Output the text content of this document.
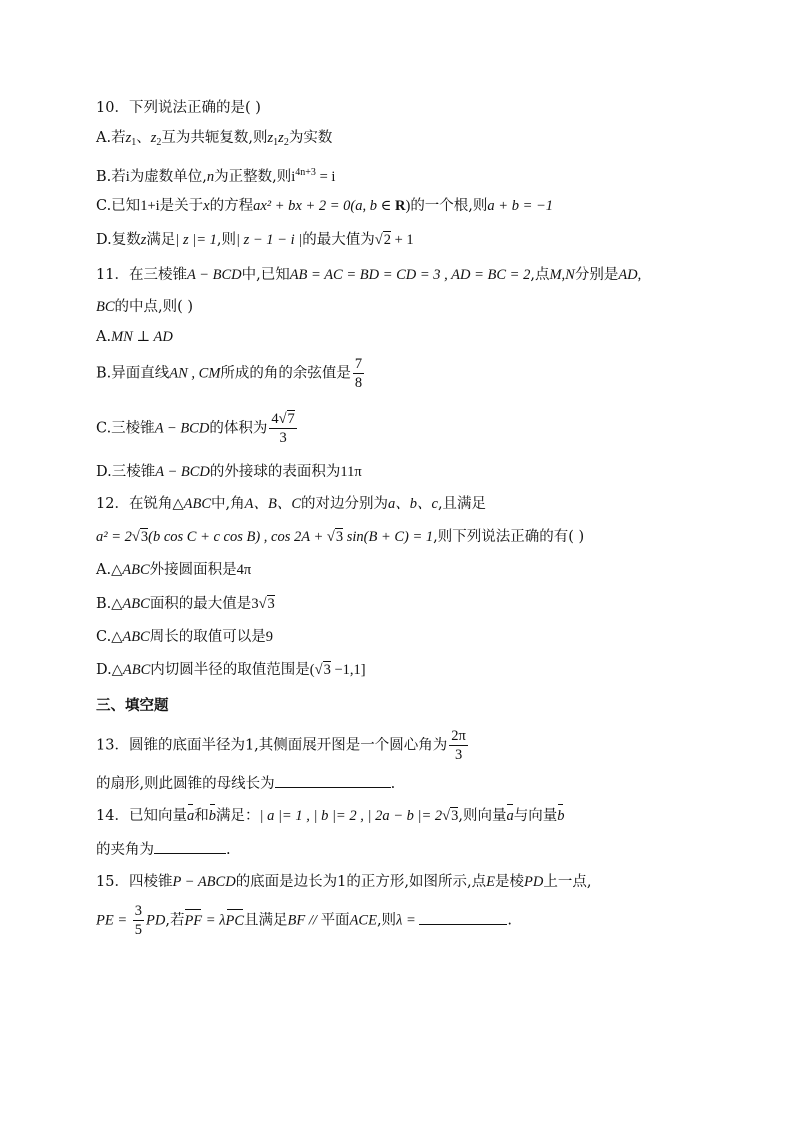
10．下列说法正确的是( )
A.若$z_1$、$z_2$互为共轭复数,则$z_1z_2$为实数
B.若i为虚数单位,n为正整数,则$i^{4n+3} = i$
C.已知1+i是关于x的方程ax² + bx + 2 = 0(a, b ∈ R)的一个根,则a + b = −1
D.复数z满足| z |= 1,则| z − 1 − i |的最大值为√2 + 1
11．在三棱锥A − BCD中,已知AB = AC = BD = CD = 3 , AD = BC = 2,点M,N分别是AD,
BC的中点,则( )
A.MN ⊥ AD
B.异面直线AN , CM所成的角的余弦值是 $\frac{7}{8}$
C.三棱锥A − BCD的体积为 $\frac{4√7}{3}$
D.三棱锥A − BCD的外接球的表面积为11π
12．在锐角△ABC中,角A、B、C的对边分别为a、b、c,且满足
a² = 2√3(b cos C + c cos B) , cos 2A + √3 sin(B + C) = 1,则下列说法正确的有( )
A.△ABC外接圆面积是4π
B.△ABC面积的最大值是3√3
C.△ABC周长的取值可以是9
D.△ABC内切圆半径的取值范围是(√3 −1,1]
三、填空题
13．圆锥的底面半径为1,其侧面展开图是一个圆心角为 $\frac{2\pi}{3}$
的扇形,则此圆锥的母线长为	.
14．已知向量a和b满足：| a |= 1 , | b |= 2 , | 2a − b |= 2√3,则向量a与向量b
的夹角为	.
15．四棱锥P − ABCD的底面是边长为1的正方形,如图所示,点E是棱PD上一点,
PE = $\frac{3}{5}$ PD,若PF = λPC且满足BF // 平面ACE,则λ =	.
